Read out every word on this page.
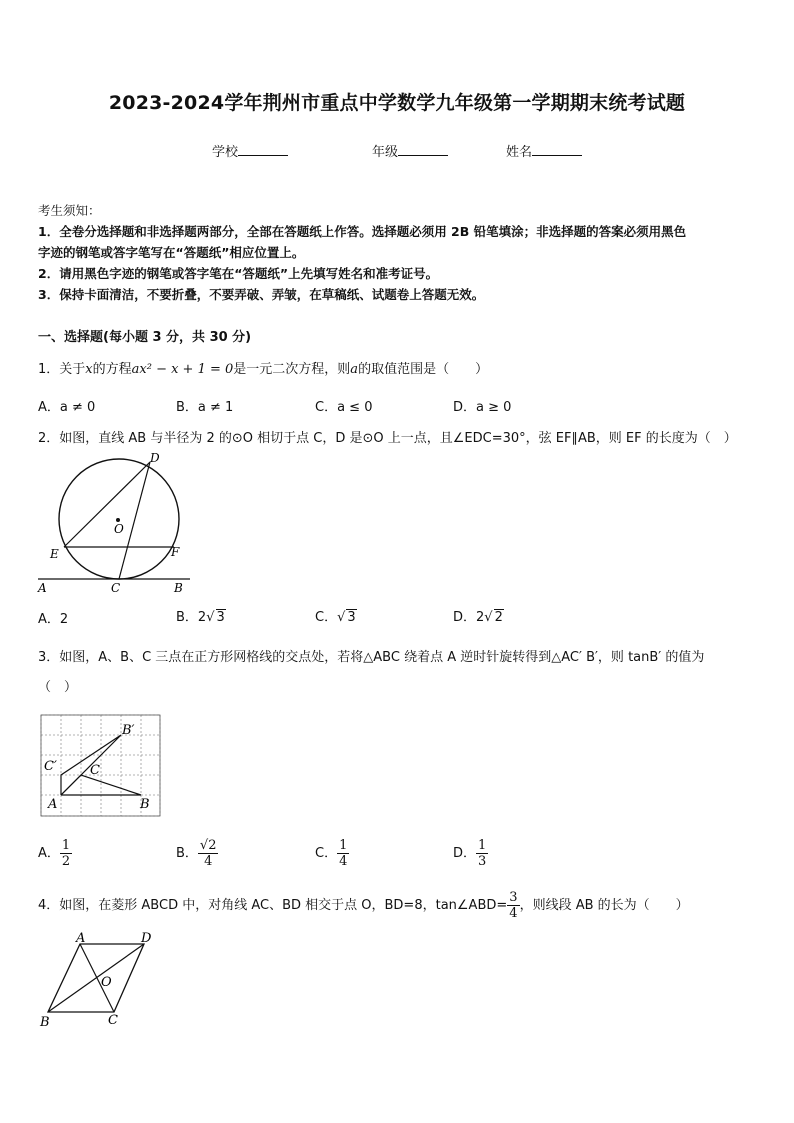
2023-2024学年荆州市重点中学数学九年级第一学期期末统考试题
学校	年级	姓名
考生须知：
1．全卷分选择题和非选择题两部分，全部在答题纸上作答。选择题必须用 2B 铅笔填涂；非选择题的答案必须用黑色
字迹的钢笔或答字笔写在“答题纸”相应位置上。
2．请用黑色字迹的钢笔或答字笔在“答题纸”上先填写姓名和准考证号。
3．保持卡面清洁，不要折叠，不要弄破、弄皱，在草稿纸、试题卷上答题无效。
一、选择题(每小题 3 分，共 30 分)
1．关于x的方程ax² − x + 1 = 0是一元二次方程，则a的取值范围是（　　）
A．a ≠ 0	B．a ≠ 1	C．a ≤ 0	D．a ≥ 0
2．如图，直线 AB 与半径为 2 的⊙O 相切于点 C，D 是⊙O 上一点，且∠EDC=30°，弦 EF∥AB，则 EF 的长度为（　）
D
O
E	F
A	C	B
A．2	B．2√ 3	C．√ 3	D．2√ 2
3．如图，A、B、C 三点在正方形网格线的交点处，若将△ABC 绕着点 A 逆时针旋转得到△AC′ B′，则 tanB′ 的值为
（　）
B′
C′	C
A	B
A． $\frac{1}{2}$	B． $\frac{√2}{4}$	C． $\frac{1}{4}$	D． $\frac{1}{3}$
4．如图，在菱形 ABCD 中，对角线 AC、BD 相交于点 O，BD=8，tan∠ABD= $\frac{3}{4}$ ，则线段 AB 的长为（　　）
A	D
O
B	C
